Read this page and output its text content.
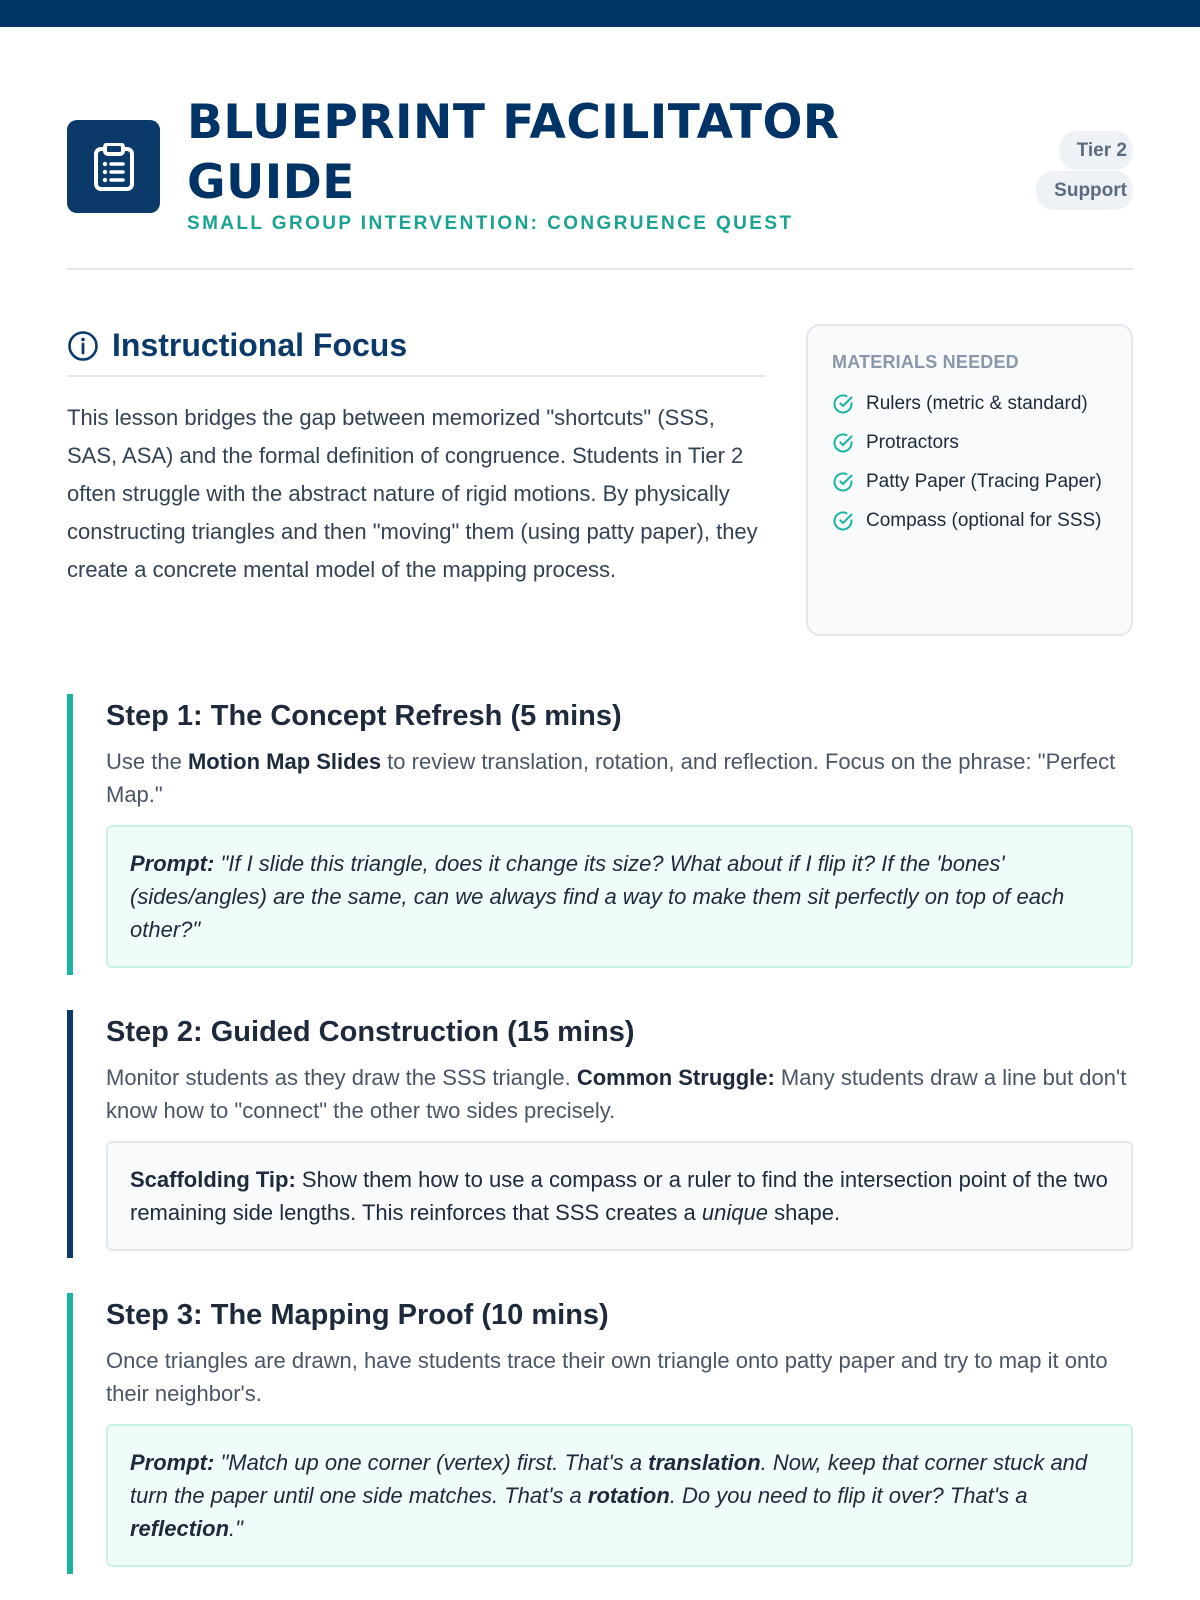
BLUEPRINT FACILITATOR GUIDE
SMALL GROUP INTERVENTION: CONGRUENCE QUEST
Tier 2 Support
Instructional Focus

This lesson bridges the gap between memorized "shortcuts" (SSS, SAS, ASA) and the formal definition of congruence. Students in Tier 2 often struggle with the abstract nature of rigid motions. By physically constructing triangles and then "moving" them (using patty paper), they create a concrete mental model of the mapping process.

MATERIALS NEEDED
Rulers (metric & standard)
Protractors
Patty Paper (Tracing Paper)
Compass (optional for SSS)
Step 1: The Concept Refresh (5 mins)

Use the Motion Map Slides to review translation, rotation, and reflection. Focus on the phrase: "Perfect Map."

Prompt: "If I slide this triangle, does it change its size? What about if I flip it? If the 'bones' (sides/angles) are the same, can we always find a way to make them sit perfectly on top of each other?"
Step 2: Guided Construction (15 mins)

Monitor students as they draw the SSS triangle. Common Struggle: Many students draw a line but don't know how to "connect" the other two sides precisely.

Scaffolding Tip: Show them how to use a compass or a ruler to find the intersection point of the two remaining side lengths. This reinforces that SSS creates a unique shape.
Step 3: The Mapping Proof (10 mins)

Once triangles are drawn, have students trace their own triangle onto patty paper and try to map it onto their neighbor's.

Prompt: "Match up one corner (vertex) first. That's a translation. Now, keep that corner stuck and turn the paper until one side matches. That's a rotation. Do you need to flip it over? That's a reflection."
